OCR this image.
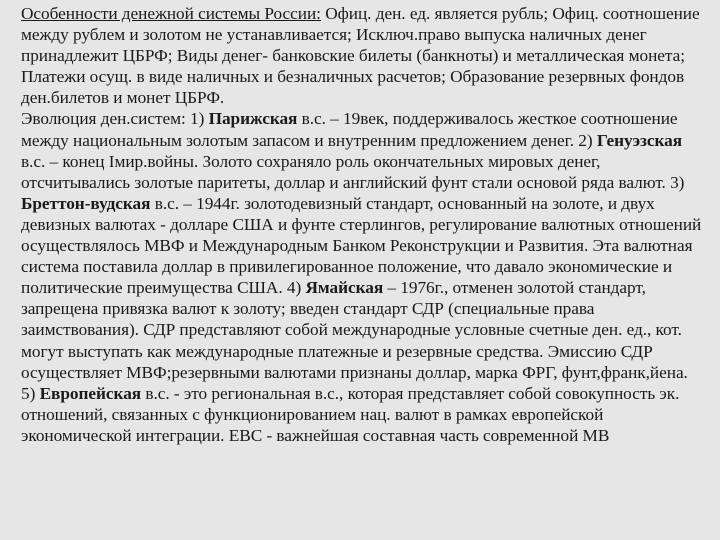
Особенности денежной системы России: Офиц. ден. ед. является рубль; Офиц. соотношение между рублем и золотом не устанавливается; Исключ.право выпуска наличных денег принадлежит ЦБРФ; Виды денег- банковские билеты (банкноты) и металлическая монета; Платежи осущ. в виде наличных и безналичных расчетов; Образование резервных фондов ден.билетов и монет ЦБРФ.

Эволюция ден.систем: 1) Парижская в.с. – 19век, поддерживалось жесткое соотношение между национальным золотым запасом и внутренним предложением денег. 2) Генуэзская в.с. – конец Iмир.войны. Золото сохраняло роль окончательных мировых денег, отсчитывались золотые паритеты, доллар и английский фунт стали основой ряда валют. 3) Бреттон-вудская в.с. – 1944г. золотодевизный стандарт, основанный на золоте, и двух девизных валютах - долларе США и фунте стерлингов, регулирование валютных отношений осуществлялось МВФ и Международным Банком Реконструкции и Развития. Эта валютная система поставила доллар в привилегированное положение, что давало экономические и политические преимущества США. 4) Ямайская – 1976г., отменен золотой стандарт, запрещена привязка валют к золоту; введен стандарт СДР (специальные права заимствования). СДР представляют собой международные условные счетные ден. ед., кот. могут выступать как международные платежные и резервные средства. Эмиссию СДР осуществляет МВФ;резервными валютами признаны доллар, марка ФРГ, фунт,франк,йена. 5) Европейская в.с. - это региональная в.с., которая представляет собой совокупность эк. отношений, связанных с функционированием нац. валют в рамках европейской экономической интеграции. ЕВС - важнейшая составная часть современной МВ
